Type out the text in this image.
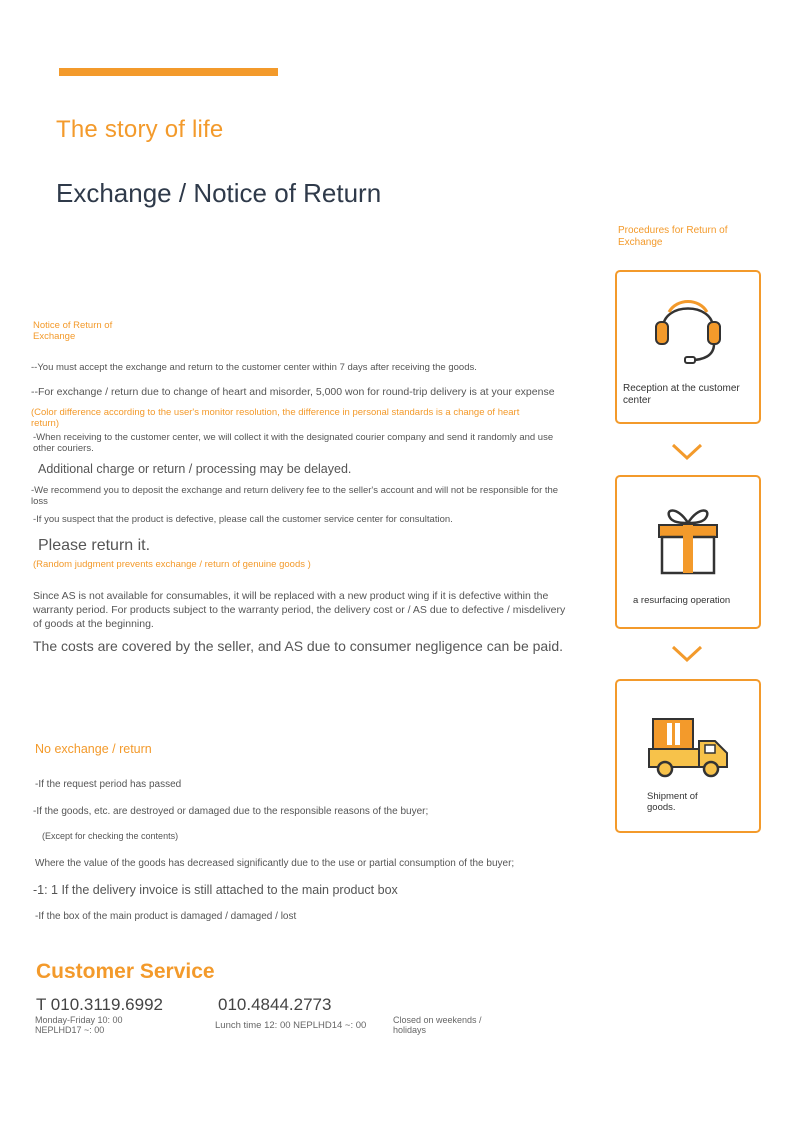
The story of life
Exchange / Notice of Return
Notice of Return of Exchange
--You must accept the exchange and return to the customer center within 7 days after receiving the goods.
--For exchange / return due to change of heart and misorder, 5,000 won for round-trip delivery is at your expense
(Color difference according to the user's monitor resolution, the difference in personal standards is a change of heart return)
-When receiving to the customer center, we will collect it with the designated courier company and send it randomly and use other couriers.
Additional charge or return / processing may be delayed.
-We recommend you to deposit the exchange and return delivery fee to the seller's account and will not be responsible for the loss
-If you suspect that the product is defective, please call the customer service center for consultation.
Please return it.
(Random judgment prevents exchange / return of genuine goods )
Since AS is not available for consumables, it will be replaced with a new product wing if it is defective within the warranty period. For products subject to the warranty period, the delivery cost or / AS due to defective / misdelivery of goods at the beginning.
The costs are covered by the seller, and AS due to consumer negligence can be paid.
No exchange / return
-If the request period has passed
-If the goods, etc. are destroyed or damaged due to the responsible reasons of the buyer;
(Except for checking the contents)
Where the value of the goods has decreased significantly due to the use or partial consumption of the buyer;
-1: 1 If the delivery invoice is still attached to the main product box
-If the box of the main product is damaged / damaged / lost
Customer Service
T 010.3119.6992	010.4844.2773
Monday-Friday 10: 00 NEPLHD17 ~: 00	Lunch time 12: 00 NEPLHD14 ~: 00	Closed on weekends / holidays
Procedures for Return of Exchange
Reception at the customer center
a resurfacing operation
Shipment of goods.
